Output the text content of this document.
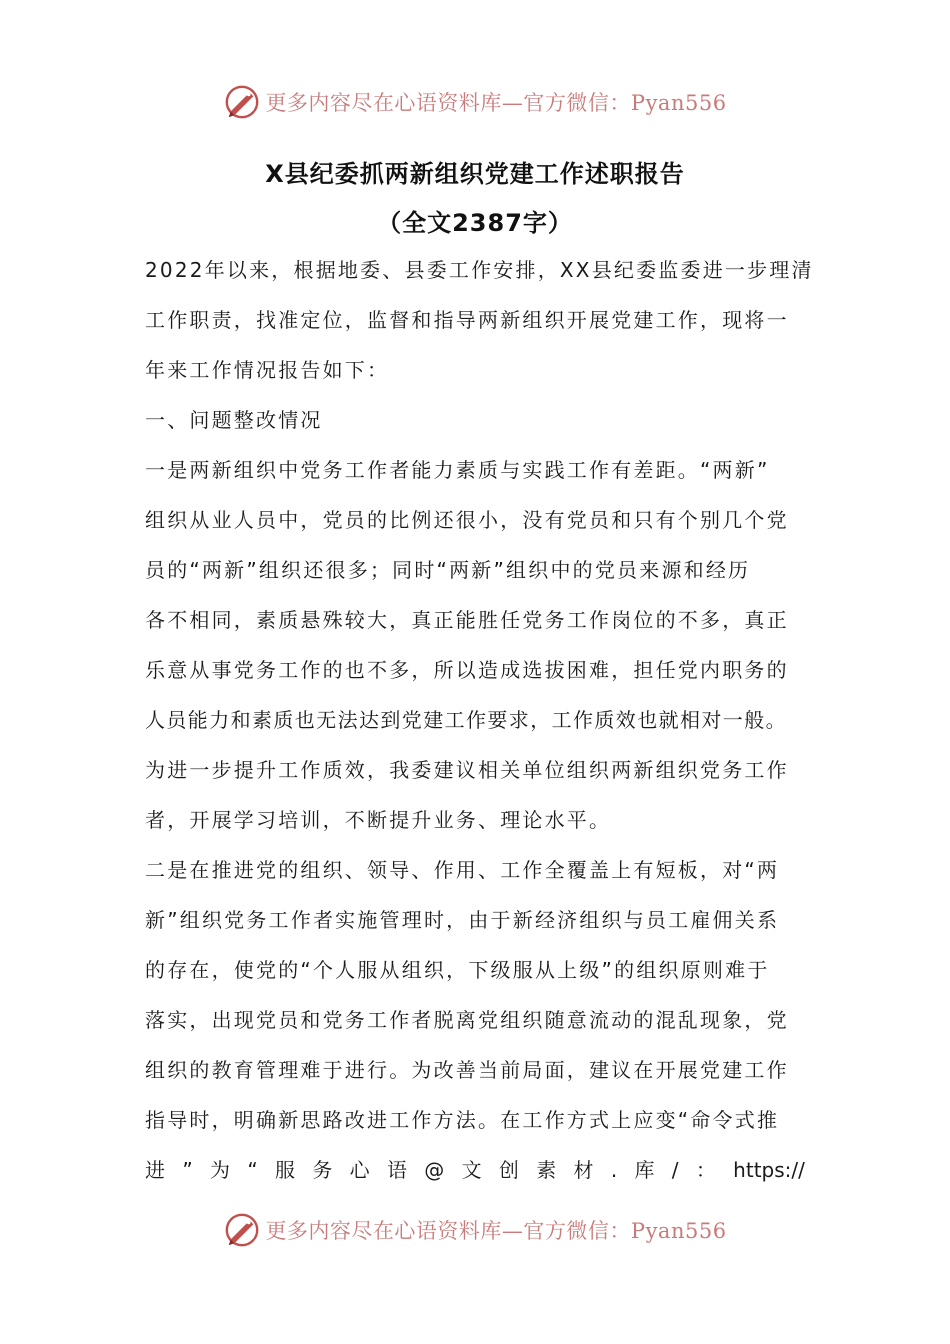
更多内容尽在心语资料库—官方微信：Pyan556
X县纪委抓两新组织党建工作述职报告
（全文2387字）
2022年以来，根据地委、县委工作安排，XX县纪委监委进一步理清
工作职责，找准定位，监督和指导两新组织开展党建工作，现将一
年来工作情况报告如下：
一、问题整改情况
一是两新组织中党务工作者能力素质与实践工作有差距。“两新”
组织从业人员中，党员的比例还很小，没有党员和只有个别几个党
员的“两新”组织还很多；同时“两新”组织中的党员来源和经历
各不相同，素质悬殊较大，真正能胜任党务工作岗位的不多，真正
乐意从事党务工作的也不多，所以造成选拔困难，担任党内职务的
人员能力和素质也无法达到党建工作要求，工作质效也就相对一般。
为进一步提升工作质效，我委建议相关单位组织两新组织党务工作
者，开展学习培训，不断提升业务、理论水平。
二是在推进党的组织、领导、作用、工作全覆盖上有短板，对“两
新”组织党务工作者实施管理时，由于新经济组织与员工雇佣关系
的存在，使党的“个人服从组织，下级服从上级”的组织原则难于
落实，出现党员和党务工作者脱离党组织随意流动的混乱现象，党
组织的教育管理难于进行。为改善当前局面，建议在开展党建工作
指导时，明确新思路改进工作方法。在工作方式上应变“命令式推
进 ” 为 “ 服 务 心 语 @ 文 创 素 材 . 库 / ： https://
更多内容尽在心语资料库—官方微信：Pyan556
